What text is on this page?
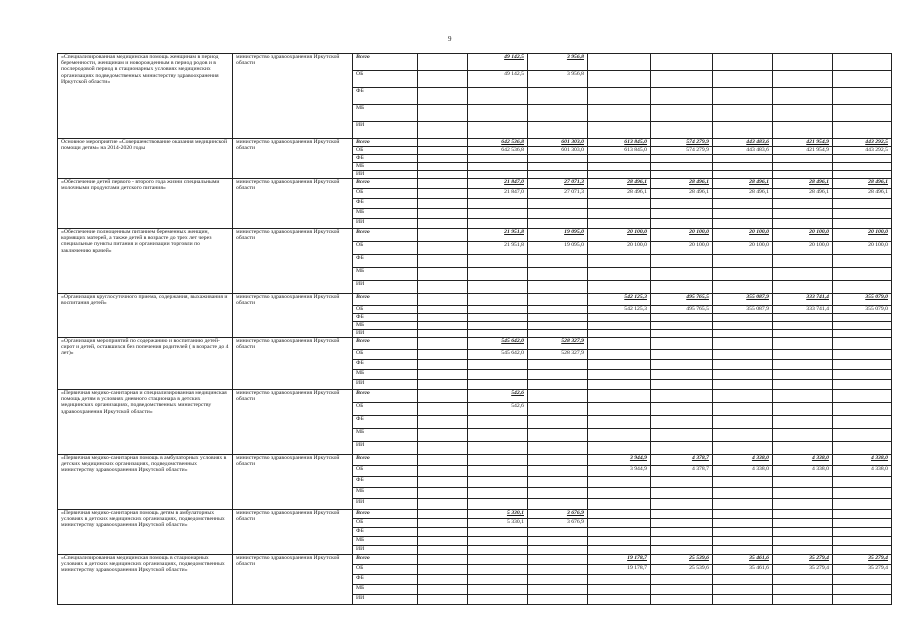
9
«Специализированная медицинская помощь женщинам в период беременности, женщинам и новорожденным в период родов и в послеродовой период в стационарных условиях медицинских организациях подведомственных министерству здравоохранения Иркутской области»	министерство здравоохранения Иркутской области	Всего		49 142,5	3 956,8					
		ОБ		49 142,5	3 956,8					
		ФБ								
		МБ								
		ИИ								
Основное мероприятие «Совершенствование оказания медицинской помощи детям» на 2014-2020 годы	министерство здравоохранения Иркутской области	Всего		642 536,8	601 303,0	613 845,0	574 279,9	443 483,6	421 954,9	443 292,5
		ОБ		642 536,8	601 303,0	613 845,0	574 279,9	443 483,6	421 954,9	443 292,5
		ФБ								
		МБ								
		ИИ								
«Обеспечение детей первого - второго года жизни специальными молочными продуктами детского питания»	министерство здравоохранения Иркутской области	Всего		21 847,0	27 071,3	28 496,1	28 496,1	28 496,1	28 496,1	28 496,1
		ОБ		21 847,0	27 071,3	28 496,1	28 496,1	28 496,1	28 496,1	28 496,1
		ФБ								
		МБ								
		ИИ								
«Обеспечение полноценным питанием беременных женщин, кормящих матерей, а также детей в возрасте до трех лет через специальные пункты питания и организации торговли по заключению врачей»	министерство здравоохранения Иркутской области	Всего		21 951,8	19 095,0	20 100,0	20 100,0	20 100,0	20 100,0	20 100,0
		ОБ		21 951,8	19 095,0	20 100,0	20 100,0	20 100,0	20 100,0	20 100,0
		ФБ								
		МБ								
		ИИ								
«Организация круглосуточного приема, содержания, выхаживания и воспитания детей»	министерство здравоохранения Иркутской области	Всего				542 125,3	495 765,5	355 087,9	333 741,4	355 079,0
		ОБ				542 125,3	495 765,5	355 087,9	333 741,4	355 079,0
		ФБ								
		МБ								
		ИИ								
«Организация мероприятий по содержанию и воспитанию детей-сирот и детей, оставшихся без попечения родителей ( в возрасте до 4 лет)»	министерство здравоохранения Иркутской области	Всего		545 642,0	528 327,9					
		ОБ		545 642,0	528 327,9					
		ФБ								
		МБ								
		ИИ								
«Первичная медико-санитарная и специализированная медицинская помощь детям в условиях дневного стационара в детских медицинских организациях, подведомственных министерству здравоохранения Иркутской области»	министерство здравоохранения Иркутской области	Всего		542,6						
		ОБ		542,6						
		ФБ								
		МБ								
		ИИ								
«Первичная медико-санитарная помощь в амбулаторных условиях в детских медицинских организациях, подведомственных министерству здравоохранения Иркутской области»	министерство здравоохранения Иркутской области	Всего				3 944,9	4 378,7	4 338,0	4 338,0	4 338,0
		ОБ				3 944,9	4 378,7	4 338,0	4 338,0	4 338,0
		ФБ								
		МБ								
		ИИ								
«Первичная медико-санитарная помощь детям в амбулаторных условиях в детских медицинских организациях, подведомственных министерству здравоохранения Иркутской области»	министерство здравоохранения Иркутской области	Всего		5 330,1	3 676,9					
		ОБ		5 330,1	3 676,9					
		ФБ								
		МБ								
		ИИ								
«Специализированная медицинская помощь в стационарных условиях в детских медицинских организациях, подведомственных министерству здравоохранения Иркутской области»	министерство здравоохранения Иркутской области	Всего				19 178,7	25 539,6	35 461,6	35 279,4	35 279,4
		ОБ				19 178,7	25 539,6	35 461,6	35 279,4	35 279,4
		ФБ								
		МБ								
		ИИ								
